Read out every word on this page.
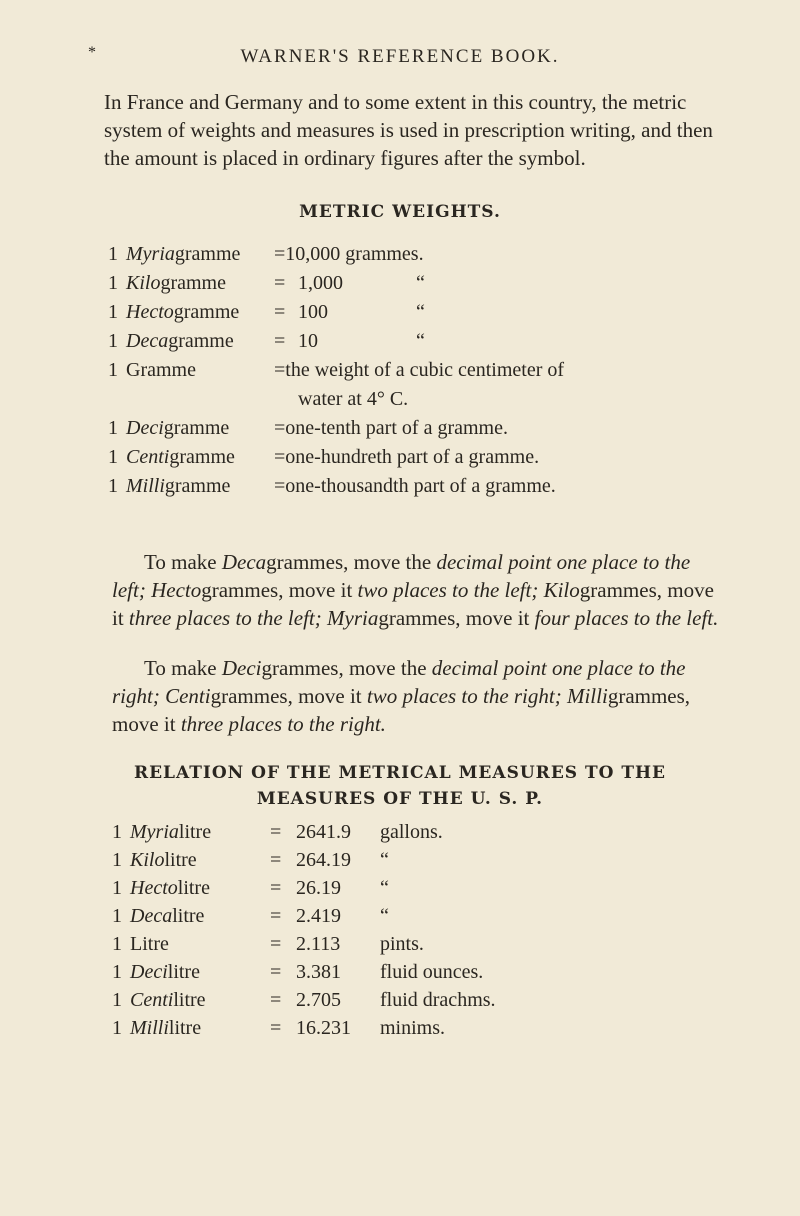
*	WARNER'S REFERENCE BOOK.

In France and Germany and to some extent in this country, the metric system of weights and measures is used in prescription writing, and then the amount is placed in ordinary figures after the symbol.

METRIC WEIGHTS.
1 Myriagramme	= 10,000 grammes.
1 Kilogramme	= 1,000	“
1 Hectogramme	= 100	“
1 Decagramme	= 10	“
1 Gramme	= the weight of a cubic centimeter of
water at 4° C.
1 Decigramme	= one-tenth part of a gramme.
1 Centigramme	= one-hundreth part of a gramme.
1 Milligramme	= one-thousandth part of a gramme.
To make Decagrammes, move the decimal point one place to the left; Hectogrammes, move it two places to the left; Kilogrammes, move it three places to the left; Myriagrammes, move it four places to the left.
To make Decigrammes, move the decimal point one place to the right; Centigrammes, move it two places to the right; Milligrammes, move it three places to the right.
RELATION OF THE METRICAL MEASURES TO THE
MEASURES OF THE U. S. P.
1 Myrialitre	= 2641.9	gallons.
1 Kilolitre	= 264.19	“
1 Hectolitre	= 26.19	“
1 Decalitre	= 2.419	“
1 Litre	= 2.113	pints.
1 Decilitre	= 3.381	fluid ounces.
1 Centilitre	= 2.705	fluid drachms.
1 Millilitre	= 16.231	minims.
